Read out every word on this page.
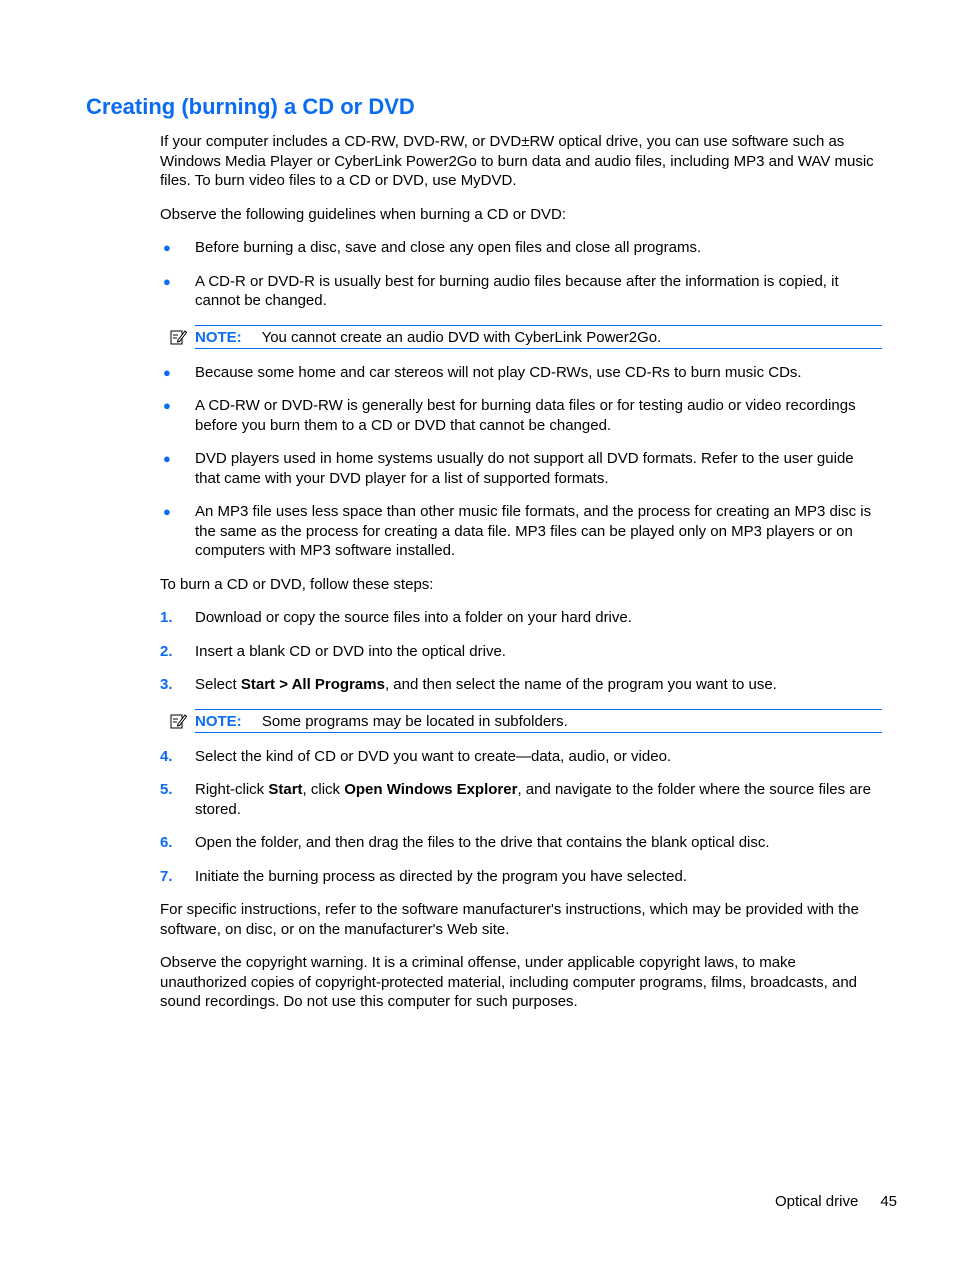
Creating (burning) a CD or DVD

If your computer includes a CD-RW, DVD-RW, or DVD±RW optical drive, you can use software such as Windows Media Player or CyberLink Power2Go to burn data and audio files, including MP3 and WAV music files. To burn video files to a CD or DVD, use MyDVD.

Observe the following guidelines when burning a CD or DVD:

● Before burning a disc, save and close any open files and close all programs.
● A CD-R or DVD-R is usually best for burning audio files because after the information is copied, it cannot be changed.
NOTE: You cannot create an audio DVD with CyberLink Power2Go.
● Because some home and car stereos will not play CD-RWs, use CD-Rs to burn music CDs.
● A CD-RW or DVD-RW is generally best for burning data files or for testing audio or video recordings before you burn them to a CD or DVD that cannot be changed.
● DVD players used in home systems usually do not support all DVD formats. Refer to the user guide that came with your DVD player for a list of supported formats.
● An MP3 file uses less space than other music file formats, and the process for creating an MP3 disc is the same as the process for creating a data file. MP3 files can be played only on MP3 players or on computers with MP3 software installed.

To burn a CD or DVD, follow these steps:

1. Download or copy the source files into a folder on your hard drive.
2. Insert a blank CD or DVD into the optical drive.
3. Select Start > All Programs, and then select the name of the program you want to use.
NOTE: Some programs may be located in subfolders.
4. Select the kind of CD or DVD you want to create—data, audio, or video.
5. Right-click Start, click Open Windows Explorer, and navigate to the folder where the source files are stored.
6. Open the folder, and then drag the files to the drive that contains the blank optical disc.
7. Initiate the burning process as directed by the program you have selected.

For specific instructions, refer to the software manufacturer's instructions, which may be provided with the software, on disc, or on the manufacturer's Web site.

Observe the copyright warning. It is a criminal offense, under applicable copyright laws, to make unauthorized copies of copyright-protected material, including computer programs, films, broadcasts, and sound recordings. Do not use this computer for such purposes.

Optical drive 45
